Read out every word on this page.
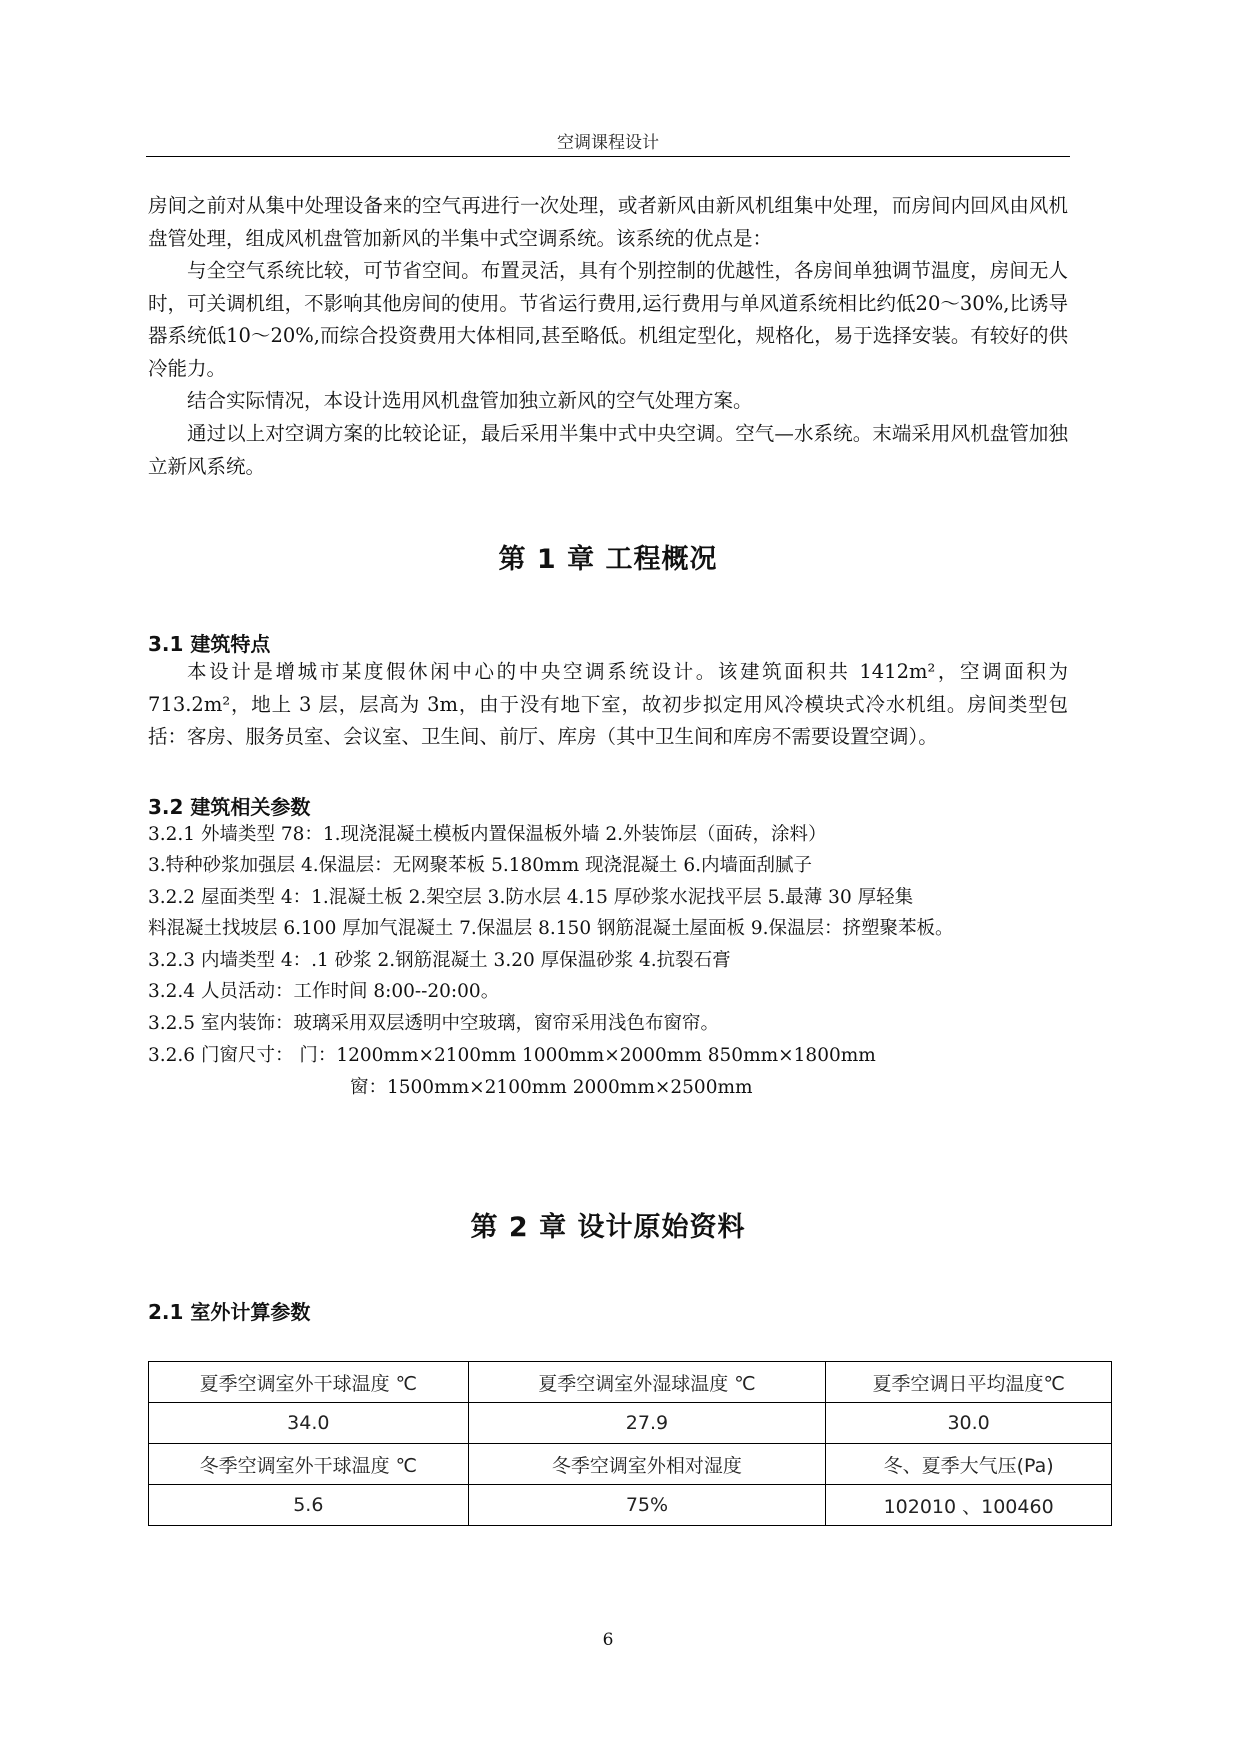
空调课程设计

房间之前对从集中处理设备来的空气再进行一次处理，或者新风由新风机组集中处理，而房间内回风由风机盘管处理，组成风机盘管加新风的半集中式空调系统。该系统的优点是：

与全空气系统比较，可节省空间。布置灵活，具有个别控制的优越性，各房间单独调节温度，房间无人时，可关调机组，不影响其他房间的使用。节省运行费用,运行费用与单风道系统相比约低20～30%,比诱导器系统低10～20%,而综合投资费用大体相同,甚至略低。机组定型化，规格化，易于选择安装。有较好的供冷能力。

结合实际情况，本设计选用风机盘管加独立新风的空气处理方案。

通过以上对空调方案的比较论证，最后采用半集中式中央空调。空气—水系统。末端采用风机盘管加独立新风系统。

第 1 章 工程概况
3.1 建筑特点

本设计是增城市某度假休闲中心的中央空调系统设计。该建筑面积共 1412m²，空调面积为 713.2m²，地上 3 层，层高为 3m，由于没有地下室，故初步拟定用风冷模块式冷水机组。房间类型包括：客房、服务员室、会议室、卫生间、前厅、库房（其中卫生间和库房不需要设置空调）。

3.2 建筑相关参数
3.2.1 外墙类型 78：1.现浇混凝土模板内置保温板外墙 2.外装饰层（面砖，涂料）
3.特种砂浆加强层 4.保温层：无网聚苯板 5.180mm 现浇混凝土 6.内墙面刮腻子
3.2.2 屋面类型 4：1.混凝土板 2.架空层 3.防水层 4.15 厚砂浆水泥找平层 5.最薄 30 厚轻集
料混凝土找坡层 6.100 厚加气混凝土 7.保温层 8.150 钢筋混凝土屋面板 9.保温层：挤塑聚苯板。
3.2.3 内墙类型 4：.1 砂浆 2.钢筋混凝土 3.20 厚保温砂浆 4.抗裂石膏
3.2.4 人员活动：工作时间 8:00--20:00。
3.2.5 室内装饰：玻璃采用双层透明中空玻璃，窗帘采用浅色布窗帘。
3.2.6 门窗尺寸： 门：1200mm×2100mm 1000mm×2000mm 850mm×1800mm
窗：1500mm×2100mm 2000mm×2500mm
第 2 章 设计原始资料
2.1 室外计算参数
夏季空调室外干球温度 ℃	夏季空调室外湿球温度 ℃	夏季空调日平均温度℃
34.0	27.9	30.0
冬季空调室外干球温度 ℃	冬季空调室外相对湿度	冬、夏季大气压(Pa)
5.6	75%	102010 、100460
6
